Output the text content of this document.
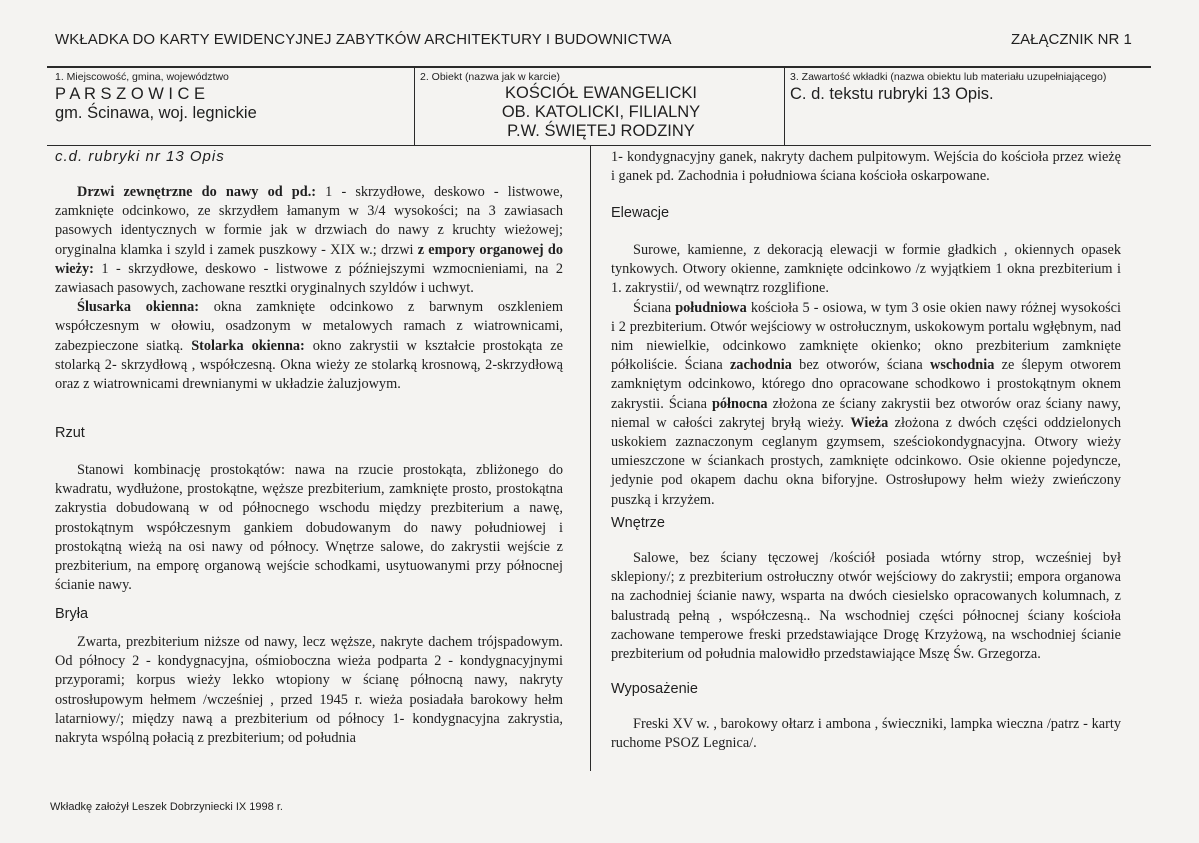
WKŁADKA DO KARTY EWIDENCYJNEJ ZABYTKÓW ARCHITEKTURY I BUDOWNICTWA	ZAŁĄCZNIK NR 1
1. Miejscowość, gmina, województwo
P A R S Z O W I C E
gm. Ścinawa, woj. legnickie
2. Obiekt (nazwa jak w karcie)
KOŚCIÓŁ EWANGELICKI
OB. KATOLICKI, FILIALNY
P.W. ŚWIĘTEJ RODZINY
3. Zawartość wkładki (nazwa obiektu lub materiału uzupełniającego)
C. d. tekstu rubryki 13 Opis.
c.d. rubryki nr 13 Opis

Drzwi zewnętrzne do nawy od pd.: 1 - skrzydłowe, deskowo - listwowe, zamknięte odcinkowo, ze skrzydłem łamanym w 3/4 wysokości; na 3 zawiasach pasowych identycznych w formie jak w drzwiach do nawy z kruchty wieżowej; oryginalna klamka i szyld i zamek puszkowy - XIX w.; drzwi z empory organowej do wieży: 1 - skrzydłowe, deskowo - listwowe z późniejszymi wzmocnieniami, na 2 zawiasach pasowych, zachowane resztki oryginalnych szyldów i uchwyt.

Ślusarka okienna: okna zamknięte odcinkowo z barwnym oszkleniem współczesnym w ołowiu, osadzonym w metalowych ramach z wiatrownicami, zabezpieczone siatką. Stolarka okienna: okno zakrystii w kształcie prostokąta ze stolarką 2- skrzydłową , współczesną. Okna wieży ze stolarką krosnową, 2-skrzydłową oraz z wiatrownicami drewnianymi w układzie żaluzjowym.

Rzut

Stanowi kombinację prostokątów: nawa na rzucie prostokąta, zbliżonego do kwadratu, wydłużone, prostokątne, węższe prezbiterium, zamknięte prosto, prostokątna zakrystia dobudowaną w od północnego wschodu między prezbiterium a nawę, prostokątnym współczesnym gankiem dobudowanym do nawy południowej i prostokątną wieżą na osi nawy od północy. Wnętrze salowe, do zakrystii wejście z prezbiterium, na emporę organową wejście schodkami, usytuowanymi przy północnej ścianie nawy.

Bryła

Zwarta, prezbiterium niższe od nawy, lecz węższe, nakryte dachem trójspadowym. Od północy 2 - kondygnacyjna, ośmioboczna wieża podparta 2 - kondygnacyjnymi przyporami; korpus wieży lekko wtopiony w ścianę północną nawy, nakryty ostrosłupowym hełmem /wcześniej , przed 1945 r. wieża posiadała barokowy hełm latarniowy/; między nawą a prezbiterium od północy 1- kondygnacyjna zakrystia, nakryta wspólną połacią z prezbiterium; od południa

1- kondygnacyjny ganek, nakryty dachem pulpitowym. Wejścia do kościoła przez wieżę i ganek pd. Zachodnia i południowa ściana kościoła oskarpowane.

Elewacje

Surowe, kamienne, z dekoracją elewacji w formie gładkich , okiennych opasek tynkowych. Otwory okienne, zamknięte odcinkowo /z wyjątkiem 1 okna prezbiterium i 1. zakrystii/, od wewnątrz rozglifione.

Ściana południowa kościoła 5 - osiowa, w tym 3 osie okien nawy różnej wysokości i 2 prezbiterium. Otwór wejściowy w ostrołucznym, uskokowym portalu wgłębnym, nad nim niewielkie, odcinkowo zamknięte okienko; okno prezbiterium zamknięte półkoliście. Ściana zachodnia bez otworów, ściana wschodnia ze ślepym otworem zamkniętym odcinkowo, którego dno opracowane schodkowo i prostokątnym oknem zakrystii. Ściana północna złożona ze ściany zakrystii bez otworów oraz ściany nawy, niemal w całości zakrytej bryłą wieży. Wieża złożona z dwóch części oddzielonych uskokiem zaznaczonym ceglanym gzymsem, sześciokondygnacyjna. Otwory wieży umieszczone w ściankach prostych, zamknięte odcinkowo. Osie okienne pojedyncze, jedynie pod okapem dachu okna biforyjne. Ostrosłupowy hełm wieży zwieńczony puszką i krzyżem.

Wnętrze

Salowe, bez ściany tęczowej /kościół posiada wtórny strop, wcześniej był sklepiony/; z prezbiterium ostrołuczny otwór wejściowy do zakrystii; empora organowa na zachodniej ścianie nawy, wsparta na dwóch ciesielsko opracowanych kolumnach, z balustradą pełną , współczesną.. Na wschodniej części północnej ściany kościoła zachowane temperowe freski przedstawiające Drogę Krzyżową, na wschodniej ścianie prezbiterium od południa malowidło przedstawiające Mszę Św. Grzegorza.

Wyposażenie

Freski XV w. , barokowy ołtarz i ambona , świeczniki, lampka wieczna /patrz - karty ruchome PSOZ Legnica/.

Wkładkę założył Leszek Dobrzyniecki IX 1998 r.
